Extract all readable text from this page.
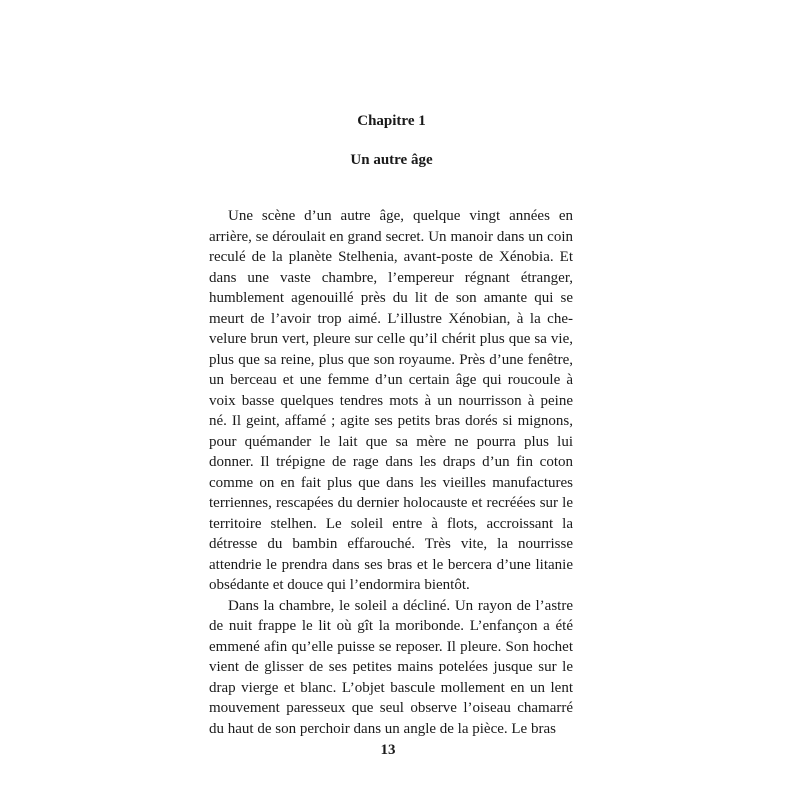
Chapitre 1
Un autre âge

Une scène d’un autre âge, quelque vingt années en arrière, se déroulait en grand secret. Un manoir dans un coin reculé de la planète Stelhenia, avant-poste de Xénobia. Et dans une vaste chambre, l’empereur régnant étranger, humblement agenouillé près du lit de son amante qui se meurt de l’avoir trop aimé. L’illustre Xénobian, à la chevelure brun vert, pleure sur celle qu’il chérit plus que sa vie, plus que sa reine, plus que son royaume. Près d’une fenêtre, un berceau et une femme d’un certain âge qui roucoule à voix basse quelques tendres mots à un nourrisson à peine né. Il geint, affamé ; agite ses petits bras dorés si mignons, pour quémander le lait que sa mère ne pourra plus lui donner. Il trépigne de rage dans les draps d’un fin coton comme on en fait plus que dans les vieilles manufactures terriennes, rescapées du dernier holocauste et recréées sur le territoire stelhen. Le soleil entre à flots, accroissant la détresse du bambin effarouché. Très vite, la nourrisse attendrie le prendra dans ses bras et le bercera d’une litanie obsédante et douce qui l’endormira bientôt.

Dans la chambre, le soleil a décliné. Un rayon de l’astre de nuit frappe le lit où gît la moribonde. L’enfançon a été emmené afin qu’elle puisse se reposer. Il pleure. Son hochet vient de glisser de ses petites mains potelées jusque sur le drap vierge et blanc. L’objet bascule mollement en un lent mouvement paresseux que seul observe l’oiseau chamarré du haut de son perchoir dans un angle de la pièce. Le bras

13
